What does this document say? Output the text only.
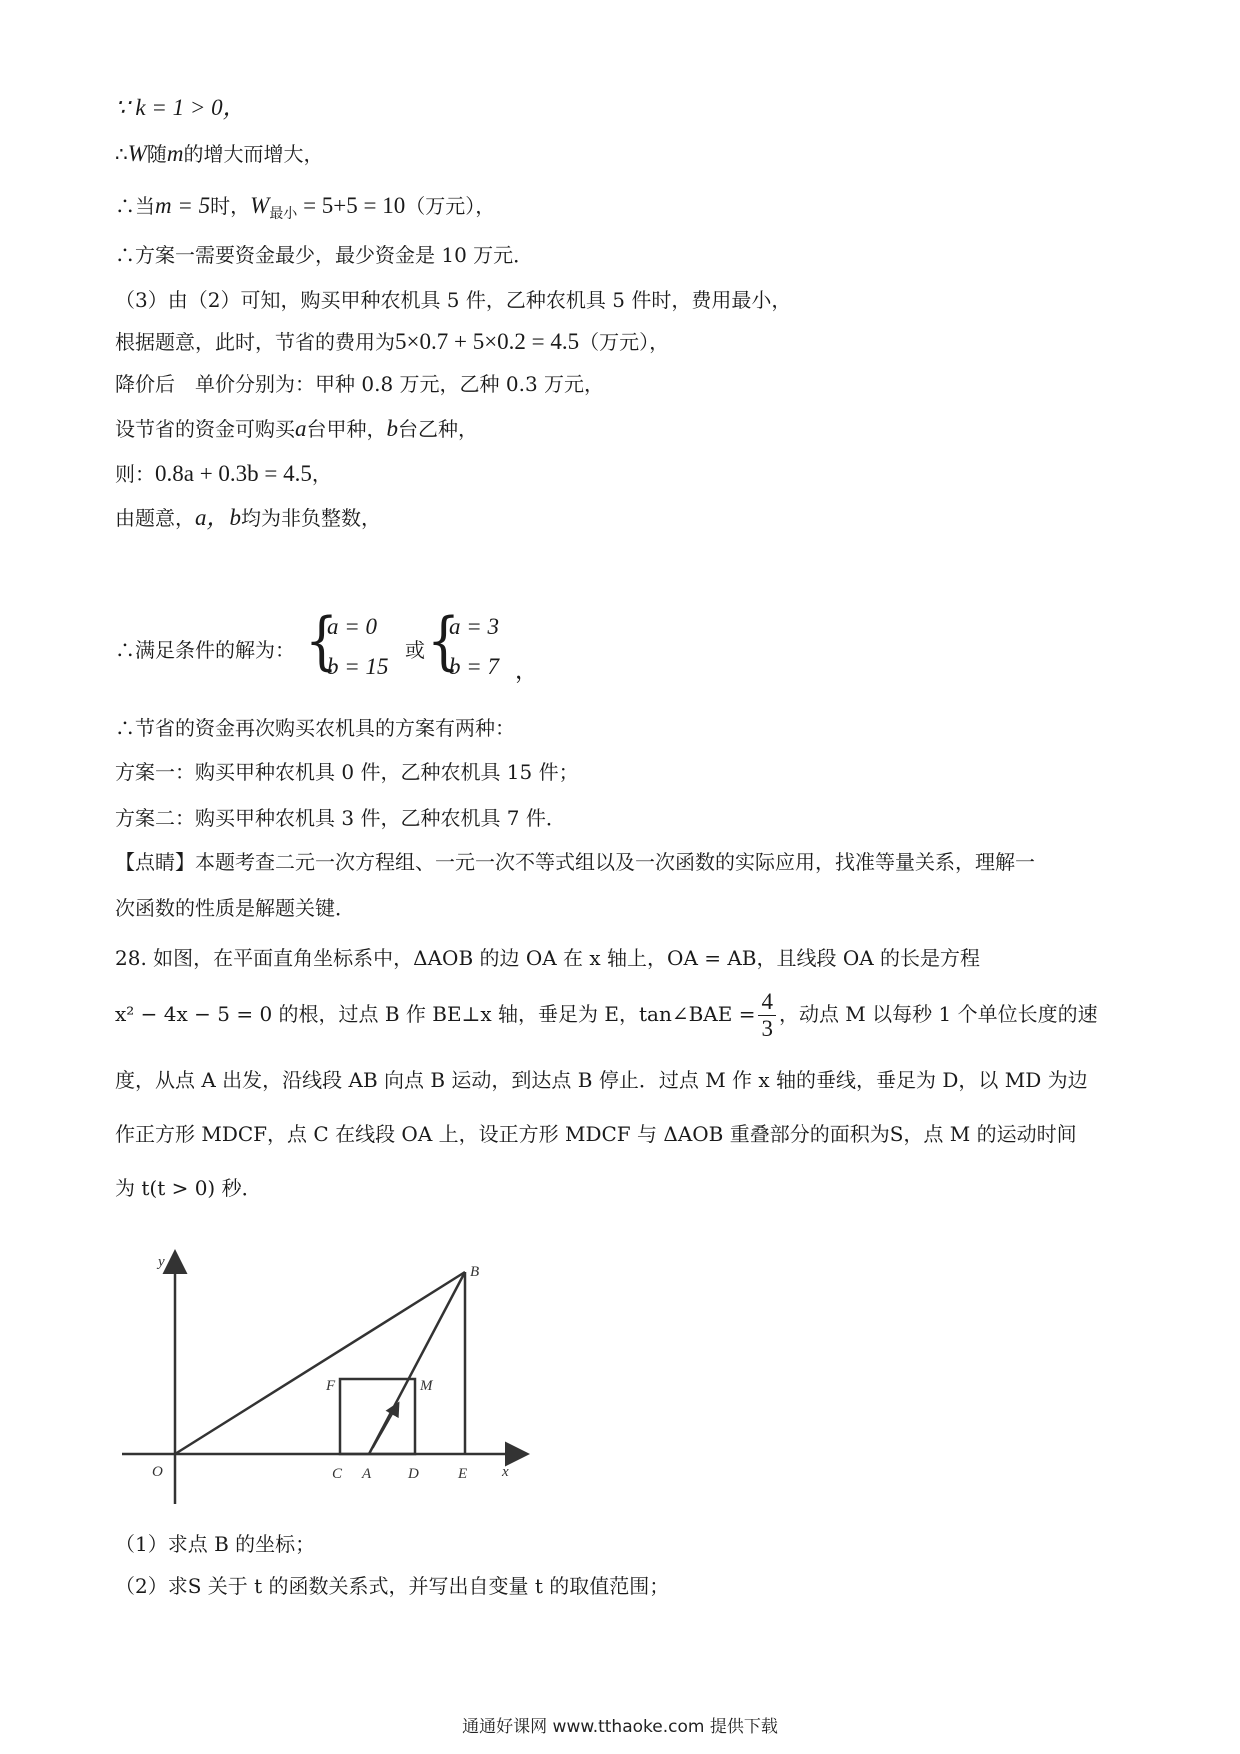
∵ k = 1 > 0，
∴W随m的增大而增大，
∴当m = 5时，$W_{最小} = 5+5 = 10$（万元），
∴方案一需要资金最少，最少资金是 10 万元．
（3）由（2）可知，购买甲种农机具 5 件，乙种农机具 5 件时，费用最小，
根据题意，此时，节省的费用为5×0.7 + 5×0.2 = 4.5（万元），
降价后　单价分别为：甲种 0.8 万元，乙种 0.3 万元，
设节省的资金可购买a台甲种，b台乙种，
则：0.8a + 0.3b = 4.5，
由题意，a，b均为非负整数，
∴满足条件的解为： {
a = 0
b = 15
或 {
a = 3
b = 7 ，
∴节省的资金再次购买农机具的方案有两种：
方案一：购买甲种农机具 0 件，乙种农机具 15 件；
方案二：购买甲种农机具 3 件，乙种农机具 7 件．
【点睛】本题考查二元一次方程组、一元一次不等式组以及一次函数的实际应用，找准等量关系，理解一
次函数的性质是解题关键．
28. 如图，在平面直角坐标系中，ΔAOB 的边 OA 在 x 轴上，OA = AB，且线段 OA 的长是方程
x² − 4x − 5 = 0 的根，过点 B 作 BE⊥x 轴，垂足为 E，tan∠BAE = $\frac{4}{3}$ ，动点 M 以每秒 1 个单位长度的速
度，从点 A 出发，沿线段 AB 向点 B 运动，到达点 B 停止．过点 M 作 x 轴的垂线，垂足为 D，以 MD 为边
作正方形 MDCF，点 C 在线段 OA 上，设正方形 MDCF 与 ΔAOB 重叠部分的面积为S，点 M 的运动时间
为 t(t > 0) 秒．
y
x
O
B
F	M
C A D	E
（1）求点 B 的坐标；
（2）求S 关于 t 的函数关系式，并写出自变量 t 的取值范围；
通通好课网 www.tthaoke.com 提供下载
